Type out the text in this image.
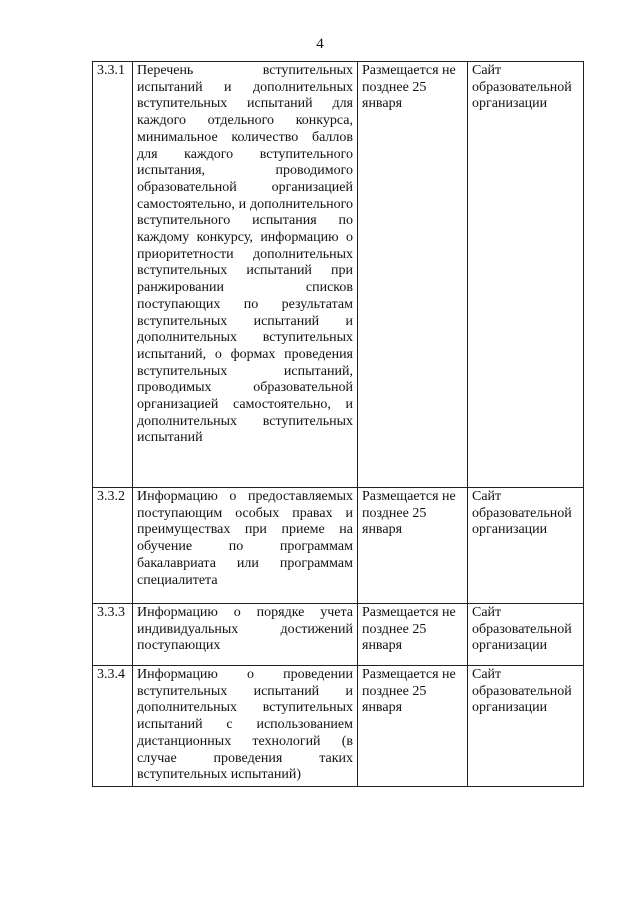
4
3.3.1	Перечень вступительных испытаний и дополнительных вступительных испытаний для каждого отдельного конкурса, минимальное количество баллов для каждого вступительного испытания, проводимого образовательной организацией самостоятельно, и дополнительного вступительного испытания по каждому конкурсу, информацию о приоритетности дополнительных вступительных испытаний при ранжировании списков поступающих по результатам вступительных испытаний и дополнительных вступительных испытаний, о формах проведения вступительных испытаний, проводимых образовательной организацией самостоятельно, и дополнительных вступительных испытаний	Размещается не позднее 25 января	Сайт образовательной организации
3.3.2	Информацию о предоставляемых поступающим особых правах и преимуществах при приеме на обучение по программам бакалавриата или программам специалитета	Размещается не позднее 25 января	Сайт образовательной организации
3.3.3	Информацию о порядке учета индивидуальных достижений поступающих	Размещается не позднее 25 января	Сайт образовательной организации
3.3.4	Информацию о проведении вступительных испытаний и дополнительных вступительных испытаний с использованием дистанционных технологий (в случае проведения таких вступительных испытаний)	Размещается не позднее 25 января	Сайт образовательной организации
